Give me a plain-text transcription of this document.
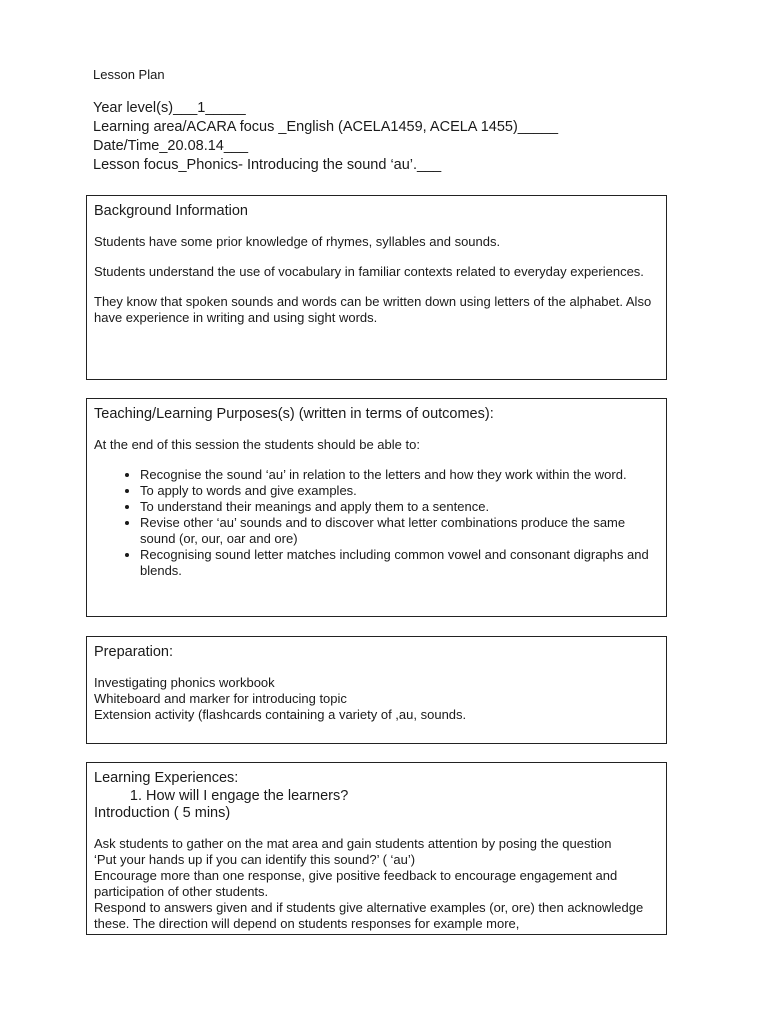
Lesson Plan
Year level(s)___1_____
Learning area/ACARA focus _English (ACELA1459, ACELA 1455)_____
Date/Time_20.08.14___
Lesson focus_Phonics- Introducing the sound ‘au’.___
Background Information

Students have some prior knowledge of rhymes, syllables and sounds.

Students understand the use of vocabulary in familiar contexts related to everyday experiences.

They know that spoken sounds and words can be written down using letters of the alphabet. Also have experience in writing and using sight words.

Teaching/Learning Purposes(s) (written in terms of outcomes):

At the end of this session the students should be able to:

• Recognise the sound ‘au’ in relation to the letters and how they work within the word.
• To apply to words and give examples.
• To understand their meanings and apply them to a sentence.
• Revise other ‘au’ sounds and to discover what letter combinations produce the same sound (or, our, oar and ore)
• Recognising sound letter matches including common vowel and consonant digraphs and blends.
Preparation:
Investigating phonics workbook
Whiteboard and marker for introducing topic
Extension activity (flashcards containing a variety of ,au, sounds.
Learning Experiences:
1. How will I engage the learners?
Introduction ( 5 mins)
Ask students to gather on the mat area and gain students attention by posing the question
‘Put your hands up if you can identify this sound?’ ( ‘au’)
Encourage more than one response, give positive feedback to encourage engagement and participation of other students.
Respond to answers given and if students give alternative examples (or, ore) then acknowledge these. The direction will depend on students responses for example more,
